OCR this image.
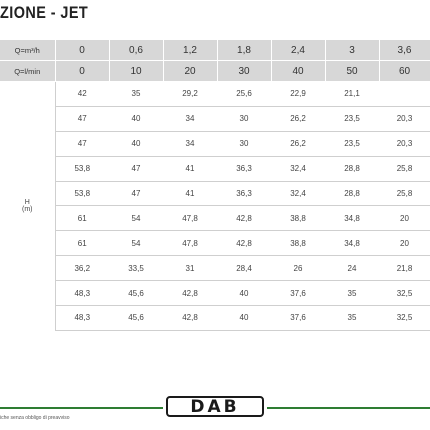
ZIONE - JET
Q=m³/h	0	0,6	1,2	1,8	2,4	3	3,6
Q=l/min	0	10	20	30	40	50	60

H
(m)	42	35	29,2	25,6	22,9	21,1	
	47	40	34	30	26,2	23,5	20,3
	47	40	34	30	26,2	23,5	20,3
	53,8	47	41	36,3	32,4	28,8	25,8
	53,8	47	41	36,3	32,4	28,8	25,8
	61	54	47,8	42,8	38,8	34,8	20
	61	54	47,8	42,8	38,8	34,8	20
	36,2	33,5	31	28,4	26	24	21,8
	48,3	45,6	42,8	40	37,6	35	32,5
	48,3	45,6	42,8	40	37,6	35	32,5
iche senza obbligo di preavviso
DAB
